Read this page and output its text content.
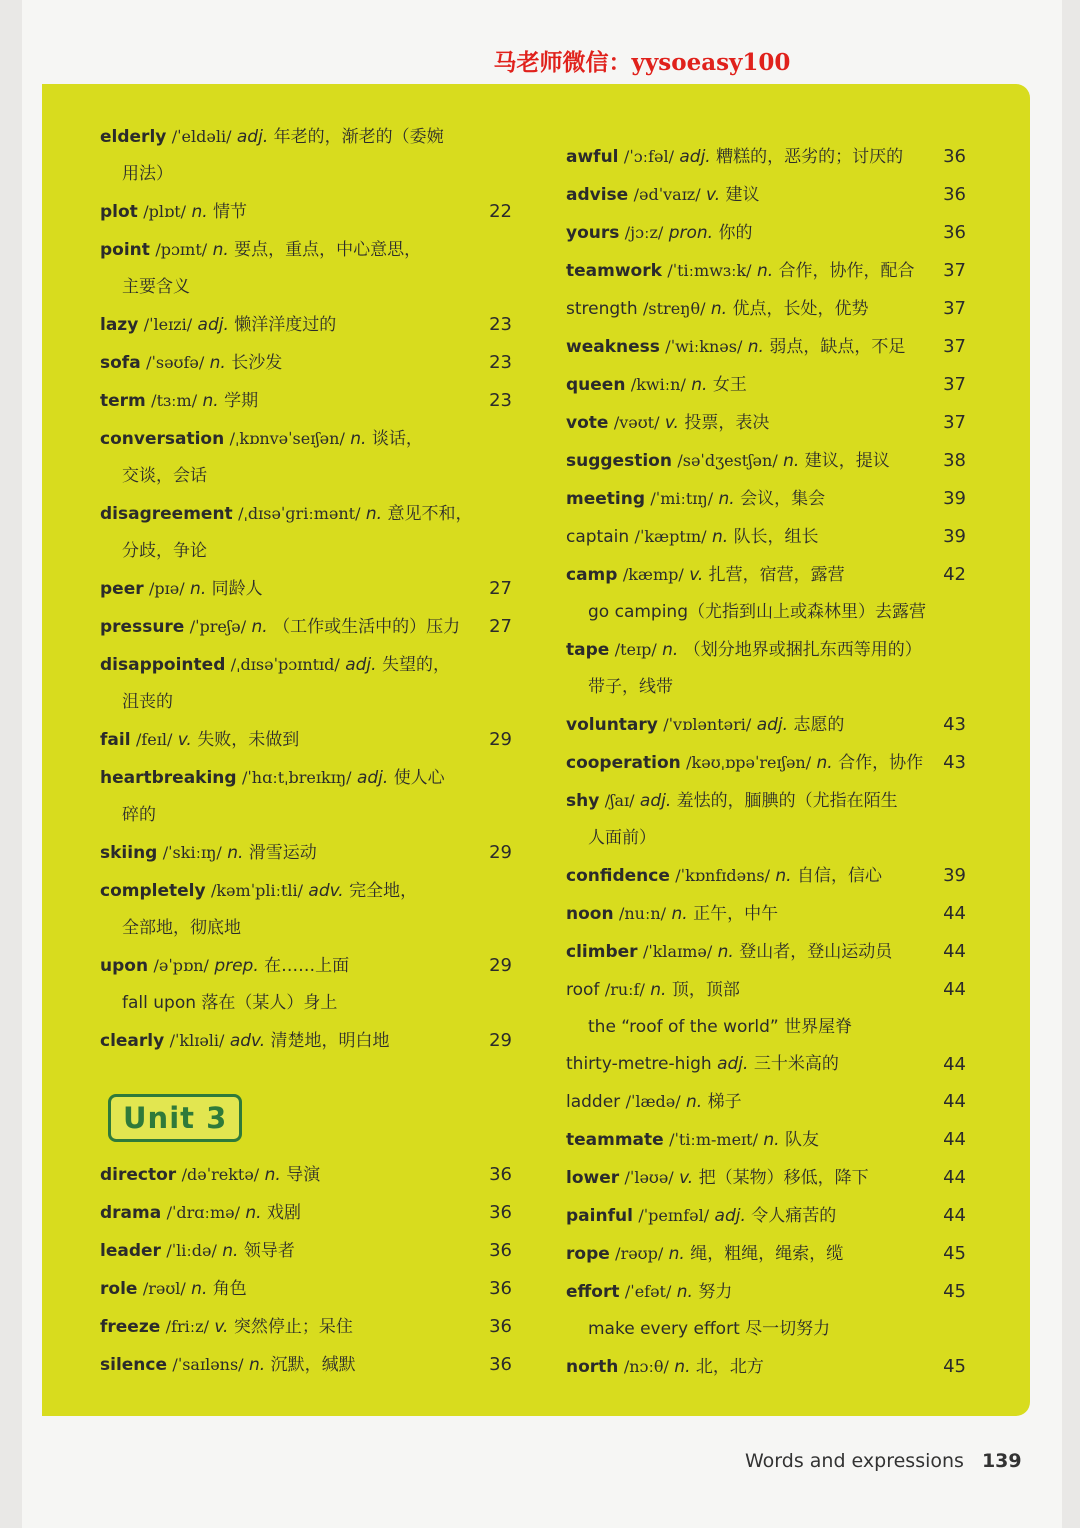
马老师微信：yysoeasy100
elderly /ˈeldəli/ adj. 年老的，渐老的（委婉
用法）
plot /plɒt/ n. 情节	22
point /pɔɪnt/ n. 要点，重点，中心意思，
主要含义
lazy /ˈleɪzi/ adj. 懒洋洋度过的	23
sofa /ˈsəʊfə/ n. 长沙发	23
term /tɜːm/ n. 学期	23
conversation /ˌkɒnvəˈseɪʃən/ n. 谈话，
交谈，会话
disagreement /ˌdɪsəˈɡriːmənt/ n. 意见不和，
分歧，争论
peer /pɪə/ n. 同龄人	27
pressure /ˈpreʃə/ n. （工作或生活中的）压力	27
disappointed /ˌdɪsəˈpɔɪntɪd/ adj. 失望的，
沮丧的
fail /feɪl/ v. 失败，未做到	29
heartbreaking /ˈhɑːtˌbreɪkɪŋ/ adj. 使人心
碎的
skiing /ˈskiːɪŋ/ n. 滑雪运动	29
completely /kəmˈpliːtli/ adv. 完全地，
全部地，彻底地
upon /əˈpɒn/ prep. 在……上面	29
fall upon 落在（某人）身上
clearly /ˈklɪəli/ adv. 清楚地，明白地	29
Unit 3
director /dəˈrektə/ n. 导演	36
drama /ˈdrɑːmə/ n. 戏剧	36
leader /ˈliːdə/ n. 领导者	36
role /rəʊl/ n. 角色	36
freeze /friːz/ v. 突然停止；呆住	36
silence /ˈsaɪləns/ n. 沉默，缄默	36
awful /ˈɔːfəl/ adj. 糟糕的，恶劣的；讨厌的	36
advise /ədˈvaɪz/ v. 建议	36
yours /jɔːz/ pron. 你的	36
teamwork /ˈtiːmwɜːk/ n. 合作，协作，配合	37
strength /streŋθ/ n. 优点，长处，优势	37
weakness /ˈwiːknəs/ n. 弱点，缺点，不足	37
queen /kwiːn/ n. 女王	37
vote /vəʊt/ v. 投票，表决	37
suggestion /səˈdʒestʃən/ n. 建议，提议	38
meeting /ˈmiːtɪŋ/ n. 会议，集会	39
captain /ˈkæptɪn/ n. 队长，组长	39
camp /kæmp/ v. 扎营，宿营，露营	42
go camping（尤指到山上或森林里）去露营
tape /teɪp/ n. （划分地界或捆扎东西等用的）
带子，线带
voluntary /ˈvɒləntəri/ adj. 志愿的	43
cooperation /kəʊˌɒpəˈreɪʃən/ n. 合作，协作	43
shy /ʃaɪ/ adj. 羞怯的，腼腆的（尤指在陌生
人面前）
confidence /ˈkɒnfɪdəns/ n. 自信，信心	39
noon /nuːn/ n. 正午，中午	44
climber /ˈklaɪmə/ n. 登山者，登山运动员	44
roof /ruːf/ n. 顶，顶部	44
the “roof of the world” 世界屋脊
thirty-metre-high adj. 三十米高的	44
ladder /ˈlædə/ n. 梯子	44
teammate /ˈtiːm-meɪt/ n. 队友	44
lower /ˈləʊə/ v. 把（某物）移低，降下	44
painful /ˈpeɪnfəl/ adj. 令人痛苦的	44
rope /rəʊp/ n. 绳，粗绳，绳索，缆	45
effort /ˈefət/ n. 努力	45
make every effort 尽一切努力
north /nɔːθ/ n. 北，北方	45
Words and expressions 139
